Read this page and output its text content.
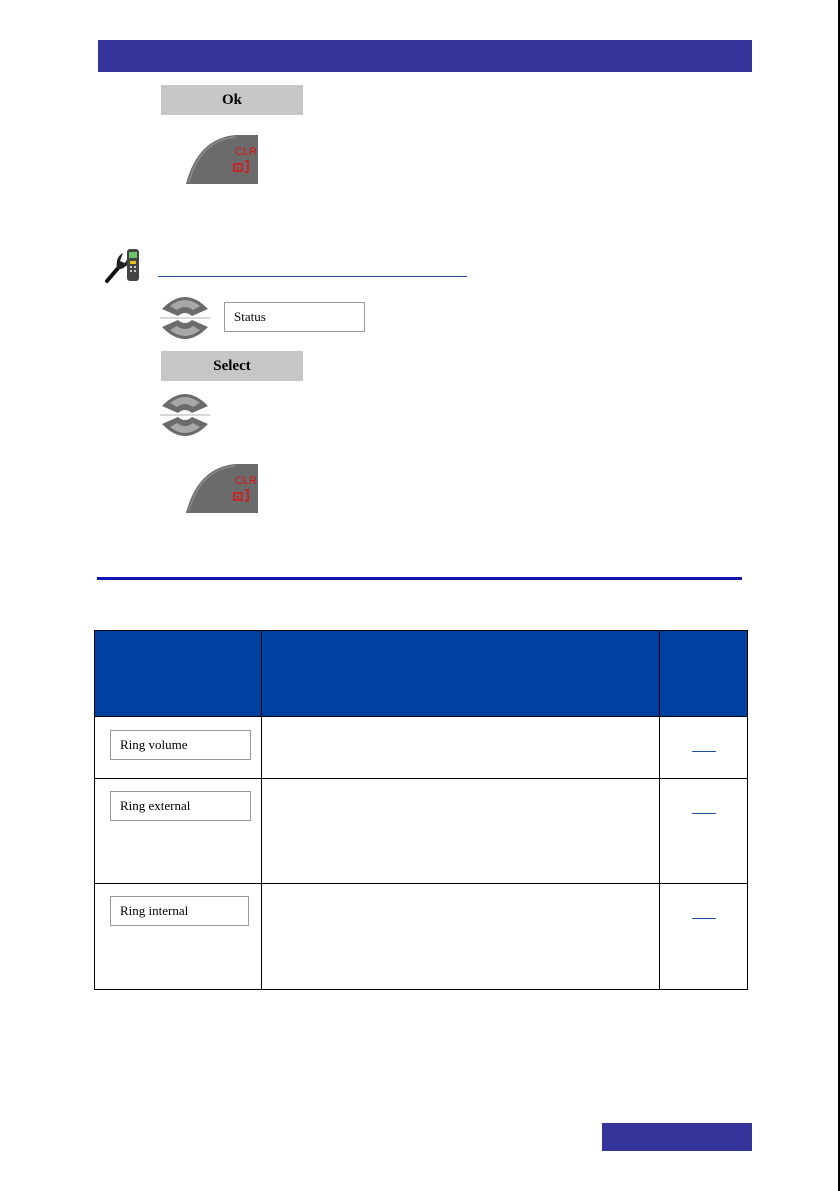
Ok
CLR
Status
Select
CLR

Ring volume		

Ring external		

Ring internal		
